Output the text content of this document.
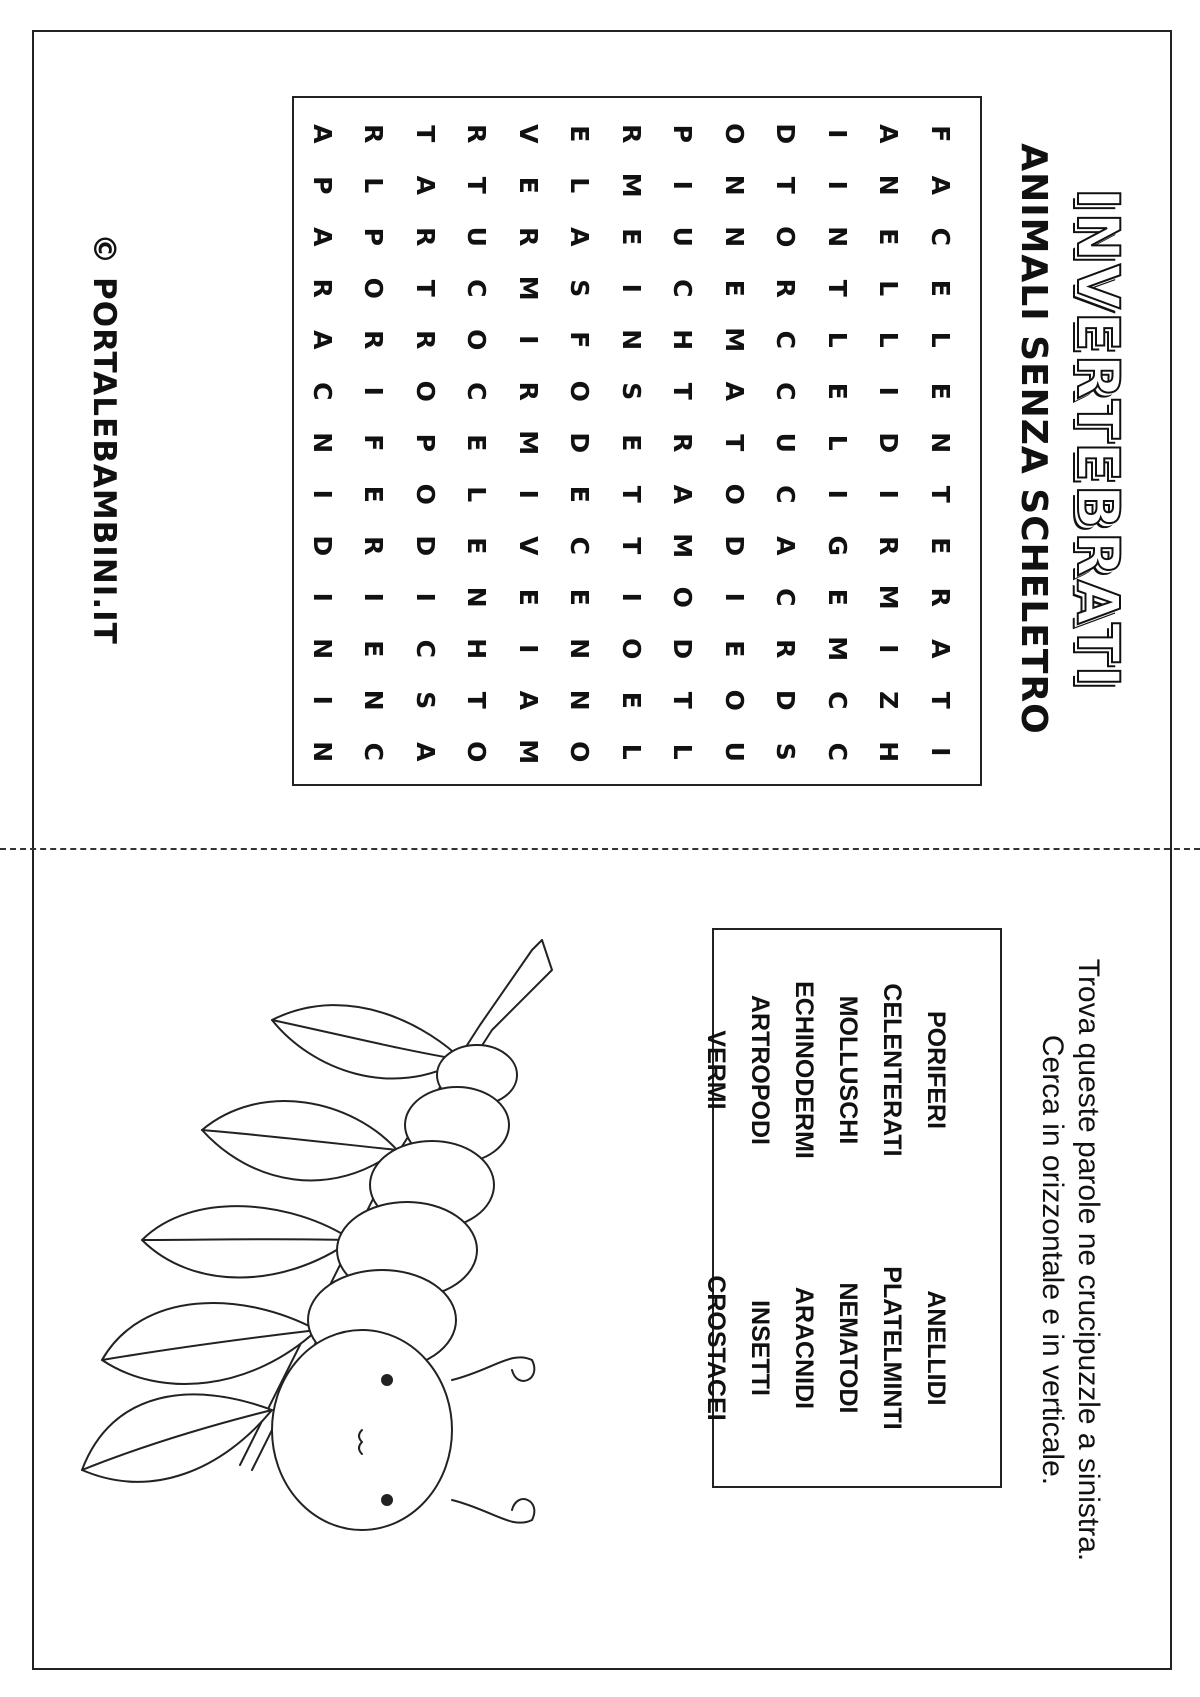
INVERTEBRATI
ANIMALI SENZA SCHELETRO
F
A
C
E
L
E
N
T
E
R
A
T
I
A
N
E
L
L
I
D
I
R
M
I
Z
H
I
I
N
T
L
E
L
I
G
E
M
C
C
D
T
O
R
C
C
U
C
A
C
R
D
S
O
N
N
E
M
A
T
O
D
I
E
O
U
P
I
U
C
H
T
R
A
M
O
D
T
L
R
M
E
I
N
S
E
T
T
I
O
E
L
E
L
A
S
F
O
D
E
C
E
N
N
O
V
E
R
M
I
R
M
I
V
E
I
A
M
R
T
U
C
O
C
E
L
E
N
H
T
O
T
A
R
T
R
O
P
O
D
I
C
S
A
R
L
P
O
R
I
F
E
R
I
E
N
C
A
P
A
R
A
C
N
I
D
I
N
I
N
© PORTALEBAMBINI.IT
Trova queste parole ne crucipuzzle a sinistra.
Cerca in orizzontale e in verticale.
PORIFERI
CELENTERATI
MOLLUSCHI
ECHINODERMI
ARTROPODI
VERMI
ANELLIDI
PLATELMINTI
NEMATODI
ARACNIDI
INSETTI
CROSTACEI
